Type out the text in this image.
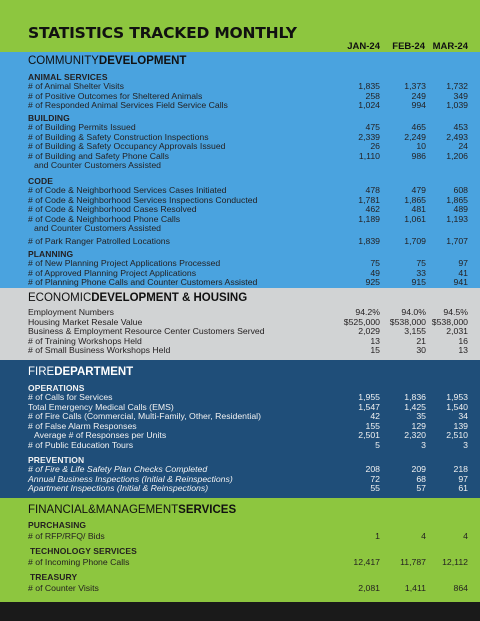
STATISTICS TRACKED MONTHLY
JAN-24	FEB-24 MAR-24
COMMUNITYDEVELOPMENT
ANIMAL SERVICES
BUILDING
CODE
PLANNING
# of Animal Shelter Visits	1,835	1,373	1,732
# of Positive Outcomes for Sheltered Animals	258	249	349
# of Responded Animal Services Field Service Calls	1,024	994	1,039
# of Building Permits Issued	475	465	453
# of Building & Safety Construction Inspections	2,339	2,249	2,493
# of Building & Safety Occupancy Approvals Issued	26	10	24
# of Building and Safety Phone Calls	1,110	986	1,206
and Counter Customers Assisted
# of Code & Neighborhood Services Cases Initiated	478	479	608
# of Code & Neighborhood Services Inspections Conducted	1,781	1,865	1,865
# of Code & Neighborhood Cases Resolved	462	481	489
# of Code & Neighborhood Phone Calls	1,189	1,061	1,193
and Counter Customers Assisted
# of Park Ranger Patrolled Locations	1,839	1,709	1,707
# of New Planning Project Applications Processed	75	75	97
# of Approved Planning Project Applications	49	33	41
# of Planning Phone Calls and Counter Customers Assisted	925	915	941
ECONOMICDEVELOPMENT & HOUSING
Employment Numbers	94.2%	94.0%	94.5%
Housing Market Resale Value	$525,000	$538,000 $538,000
Business & Employment Resource Center Customers Served	2,029	3,155	2,031
# of Training Workshops Held	13	21	16
# of Small Business Workshops Held	15	30	13
FIREDEPARTMENT
OPERATIONS
PREVENTION
# of Calls for Services	1,955	1,836	1,953
Total Emergency Medical Calls (EMS)	1,547	1,425	1,540
# of Fire Calls (Commercial, Multi-Family, Other, Residential)	42	35	34
# of False Alarm Responses	155	129	139
Average # of Responses per Units	2,501	2,320	2,510
# of Public Education Tours	5	3	3
# of Fire & Life Safety Plan Checks Completed	208	209	218
Annual Business Inspections (Initial & Reinspections)	72	68	97
Apartment Inspections (Initial & Reinspections)	55	57	61
FINANCIAL&MANAGEMENTSERVICES
PURCHASING
TECHNOLOGY SERVICES
TREASURY
# of RFP/RFQ/ Bids	1	4	4
# of Incoming Phone Calls	12,417	11,787	12,112
# of Counter Visits	2,081	1,411	864
